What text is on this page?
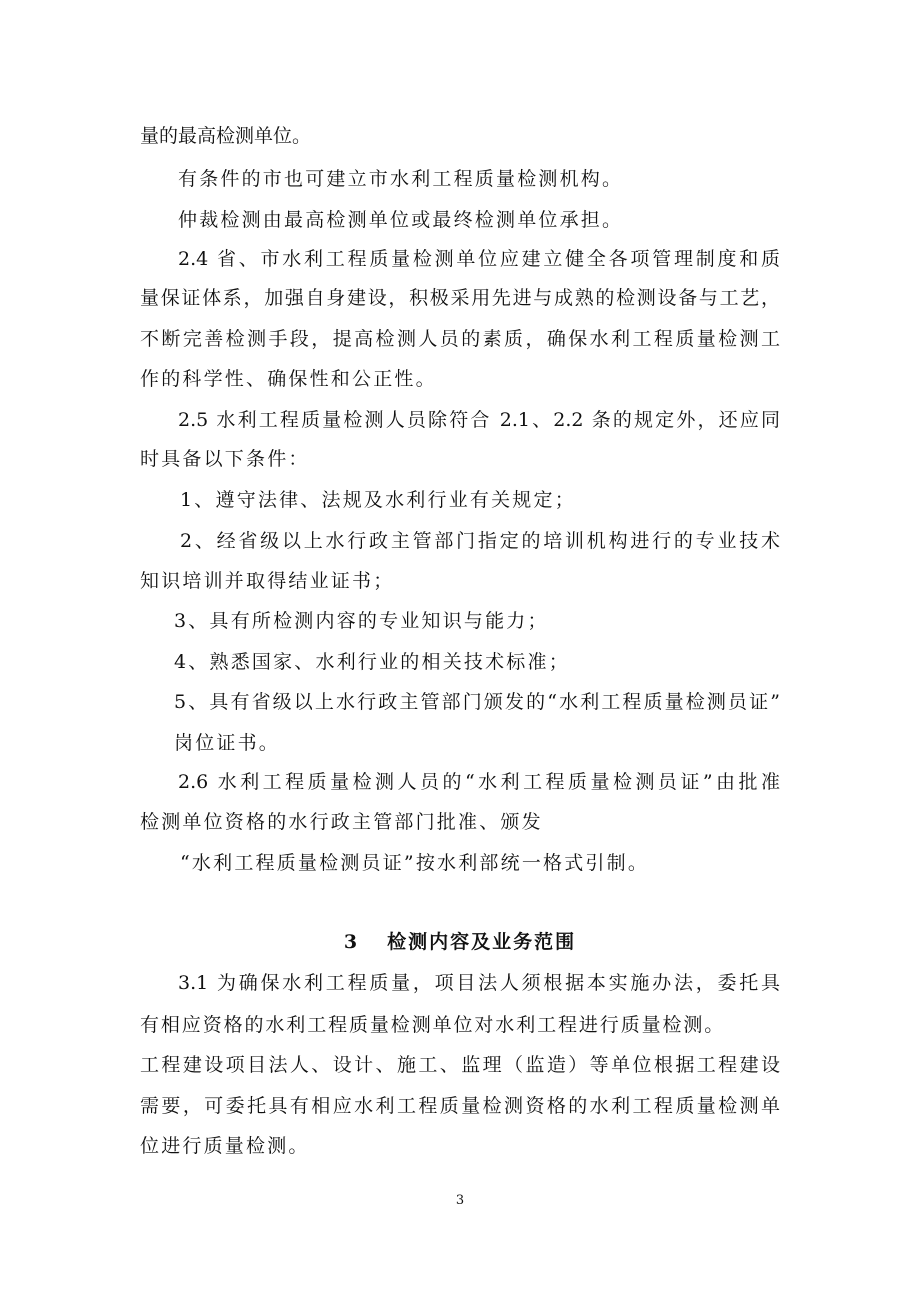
量的最高检测单位。
有条件的市也可建立市水利工程质量检测机构。
仲裁检测由最高检测单位或最终检测单位承担。
2.4 省、市水利工程质量检测单位应建立健全各项管理制度和质
量保证体系，加强自身建设，积极采用先进与成熟的检测设备与工艺，
不断完善检测手段，提高检测人员的素质，确保水利工程质量检测工
作的科学性、确保性和公正性。
2.5 水利工程质量检测人员除符合 2.1、2.2 条的规定外，还应同
时具备以下条件：
1、遵守法律、法规及水利行业有关规定；
2、经省级以上水行政主管部门指定的培训机构进行的专业技术
知识培训并取得结业证书；
3、具有所检测内容的专业知识与能力；
4、熟悉国家、水利行业的相关技术标准；
5、具有省级以上水行政主管部门颁发的“水利工程质量检测员证”
岗位证书。
2.6 水利工程质量检测人员的“水利工程质量检测员证”由批准
检测单位资格的水行政主管部门批准、颁发
“水利工程质量检测员证”按水利部统一格式引制。
3 检测内容及业务范围
3.1 为确保水利工程质量，项目法人须根据本实施办法，委托具
有相应资格的水利工程质量检测单位对水利工程进行质量检测。
工程建设项目法人、设计、施工、监理（监造）等单位根据工程建设
需要，可委托具有相应水利工程质量检测资格的水利工程质量检测单
位进行质量检测。
3
